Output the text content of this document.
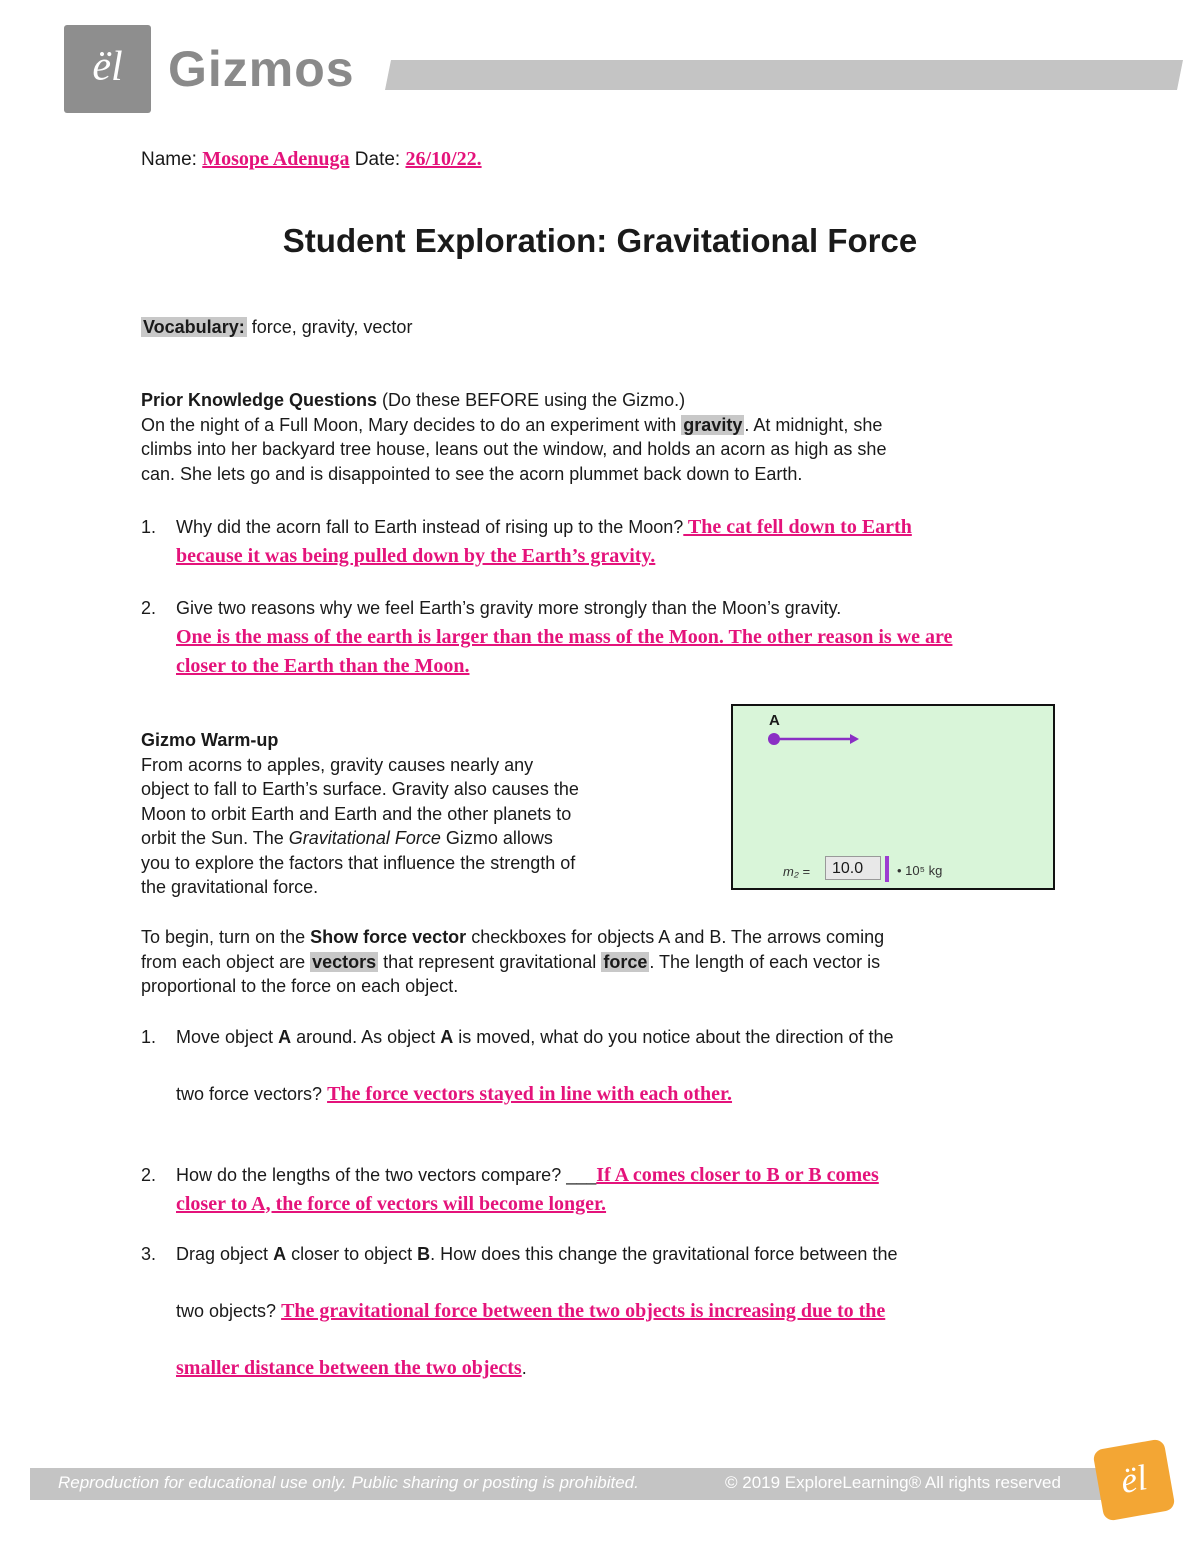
ël Gizmos
Name: Mosope Adenuga Date: 26/10/22.
Student Exploration: Gravitational Force
Vocabulary: force, gravity, vector
Prior Knowledge Questions (Do these BEFORE using the Gizmo.)
On the night of a Full Moon, Mary decides to do an experiment with gravity . At midnight, she
climbs into her backyard tree house, leans out the window, and holds an acorn as high as she
can. She lets go and is disappointed to see the acorn plummet back down to Earth.
1. Why did the acorn fall to Earth instead of rising up to the Moon? The cat fell down to Earth
because it was being pulled down by the Earth’s gravity.
2. Give two reasons why we feel Earth’s gravity more strongly than the Moon’s gravity.
One is the mass of the earth is larger than the mass of the Moon. The other reason is we are
closer to the Earth than the Moon.
Gizmo Warm-up
From acorns to apples, gravity causes nearly any
object to fall to Earth’s surface. Gravity also causes the
Moon to orbit Earth and Earth and the other planets to
orbit the Sun. The Gravitational Force Gizmo allows
you to explore the factors that influence the strength of
the gravitational force.
A
m₂ =	10.0	• 10⁵ kg
To begin, turn on the Show force vector checkboxes for objects A and B. The arrows coming
from each object are vectors that represent gravitational force . The length of each vector is
proportional to the force on each object.
1. Move object A around. As object A is moved, what do you notice about the direction of the
two force vectors? The force vectors stayed in line with each other.
2. How do the lengths of the two vectors compare? ___If A comes closer to B or B comes
closer to A, the force of vectors will become longer.
3. Drag object A closer to object B. How does this change the gravitational force between the
two objects? The gravitational force between the two objects is increasing due to the
smaller distance between the two objects.
Reproduction for educational use only. Public sharing or posting is prohibited.	© 2019 ExploreLearning® All rights reserved	ël
